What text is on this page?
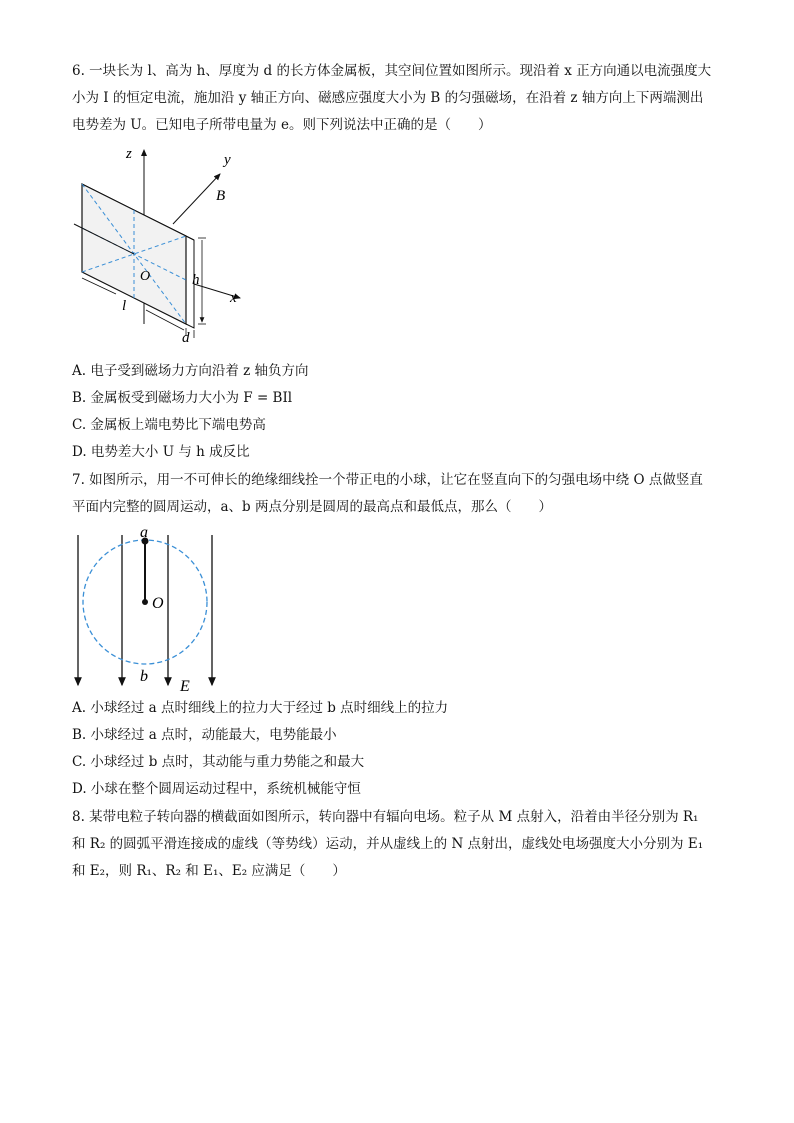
6. 一块长为 l、高为 h、厚度为 d 的长方体金属板，其空间位置如图所示。现沿着 x 正方向通以电流强度大
小为 I 的恒定电流，施加沿 y 轴正方向、磁感应强度大小为 B 的匀强磁场，在沿着 z 轴方向上下两端测出
电势差为 U。已知电子所带电量为 e。则下列说法中正确的是（　　）
z	y
B
O	h
x
l
d
A. 电子受到磁场力方向沿着 z 轴负方向
B. 金属板受到磁场力大小为 F = BIl
C. 金属板上端电势比下端电势高
D. 电势差大小 U 与 h 成反比
7. 如图所示，用一不可伸长的绝缘细线拴一个带正电的小球，让它在竖直向下的匀强电场中绕 O 点做竖直
平面内完整的圆周运动，a、b 两点分别是圆周的最高点和最低点，那么（　　）
a
O
b
E
A. 小球经过 a 点时细线上的拉力大于经过 b 点时细线上的拉力
B. 小球经过 a 点时，动能最大，电势能最小
C. 小球经过 b 点时，其动能与重力势能之和最大
D. 小球在整个圆周运动过程中，系统机械能守恒
8. 某带电粒子转向器的横截面如图所示，转向器中有辐向电场。粒子从 M 点射入，沿着由半径分别为 R₁
和 R₂ 的圆弧平滑连接成的虚线（等势线）运动，并从虚线上的 N 点射出，虚线处电场强度大小分别为 E₁
和 E₂，则 R₁、R₂ 和 E₁、E₂ 应满足（　　）
